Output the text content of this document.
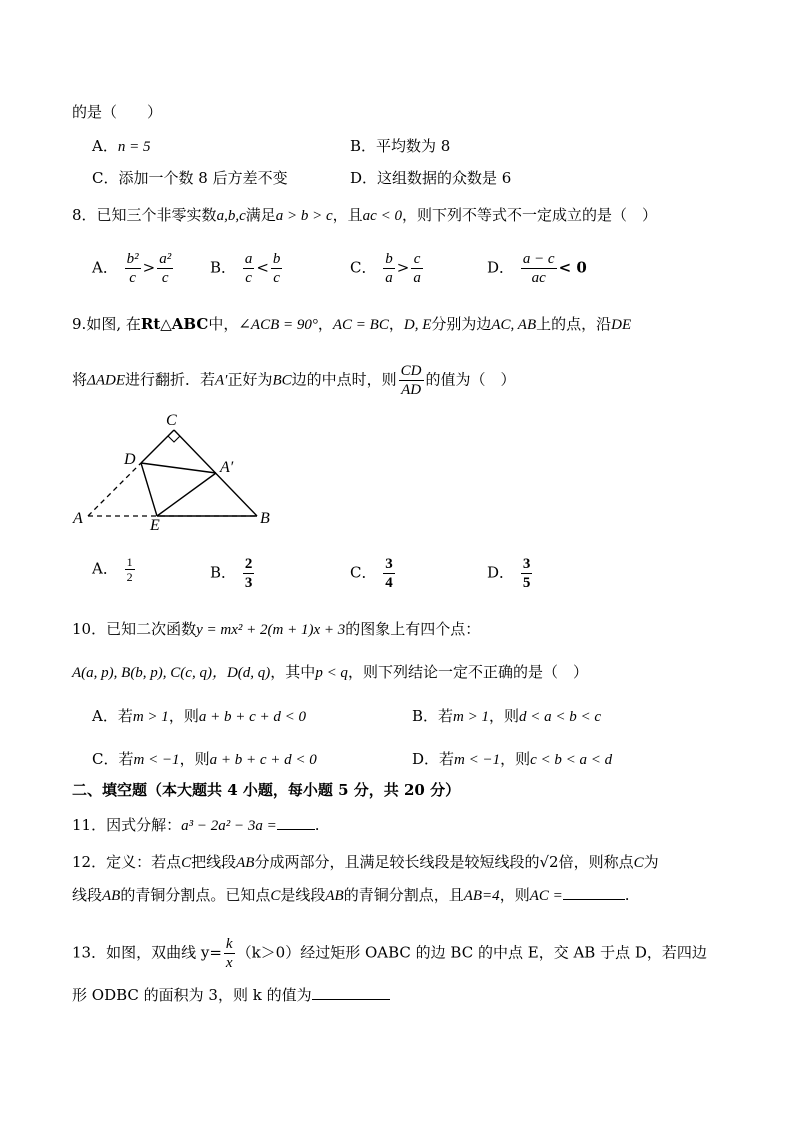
的是（　　）
A．n = 5	B．平均数为 8
C．添加一个数 8 后方差不变	D．这组数据的众数是 6
8．已知三个非零实数a,b,c满足a > b > c，且ac < 0，则下列不等式不一定成立的是（　）
A． $\frac{\text{b²}}{c} > \frac{\text{a²}}{c}$ B． $\frac{a}{c} < \frac{b}{c}$	C． $\frac{b}{a} > \frac{c}{a}$	D． $\frac{a - c}{ac} < 0$
9.如图, 在Rt△ABC中，∠ACB = 90°，AC = BC，D, E分别为边AC, AB上的点，沿DE
将ΔADE进行翻折．若A′正好为BC边的中点时，则 $\frac{CD}{AD}$ 的值为（　）
C
D	A′
A	E	B
A． $\frac{1}{2}$	B． $\frac{2}{3}$	C． $\frac{3}{4}$	D． $\frac{3}{5}$
10．已知二次函数y = mx² + 2(m + 1)x + 3的图象上有四个点：
A(a, p), B(b, p), C(c, q)，D(d, q)，其中p < q，则下列结论一定不正确的是（　）
A．若m > 1，则a + b + c + d < 0	B．若m > 1，则d < a < b < c
C．若m < −1，则a + b + c + d < 0	D．若m < −1，则c < b < a < d
二、填空题（本大题共 4 小题，每小题 5 分，共 20 分）
11．因式分解：a³ − 2a² − 3a =	.
12．定义：若点C把线段AB分成两部分，且满足较长线段是较短线段的√2倍，则称点C为
线段AB的青铜分割点。已知点C是线段AB的青铜分割点，且AB=4，则AC =	.
13．如图，双曲线 $y= \frac{k}{x} (k>0)$经过矩形 OABC 的边 BC 的中点 E，交 AB 于点 D，若四边
形 ODBC 的面积为 3，则 k 的值为
